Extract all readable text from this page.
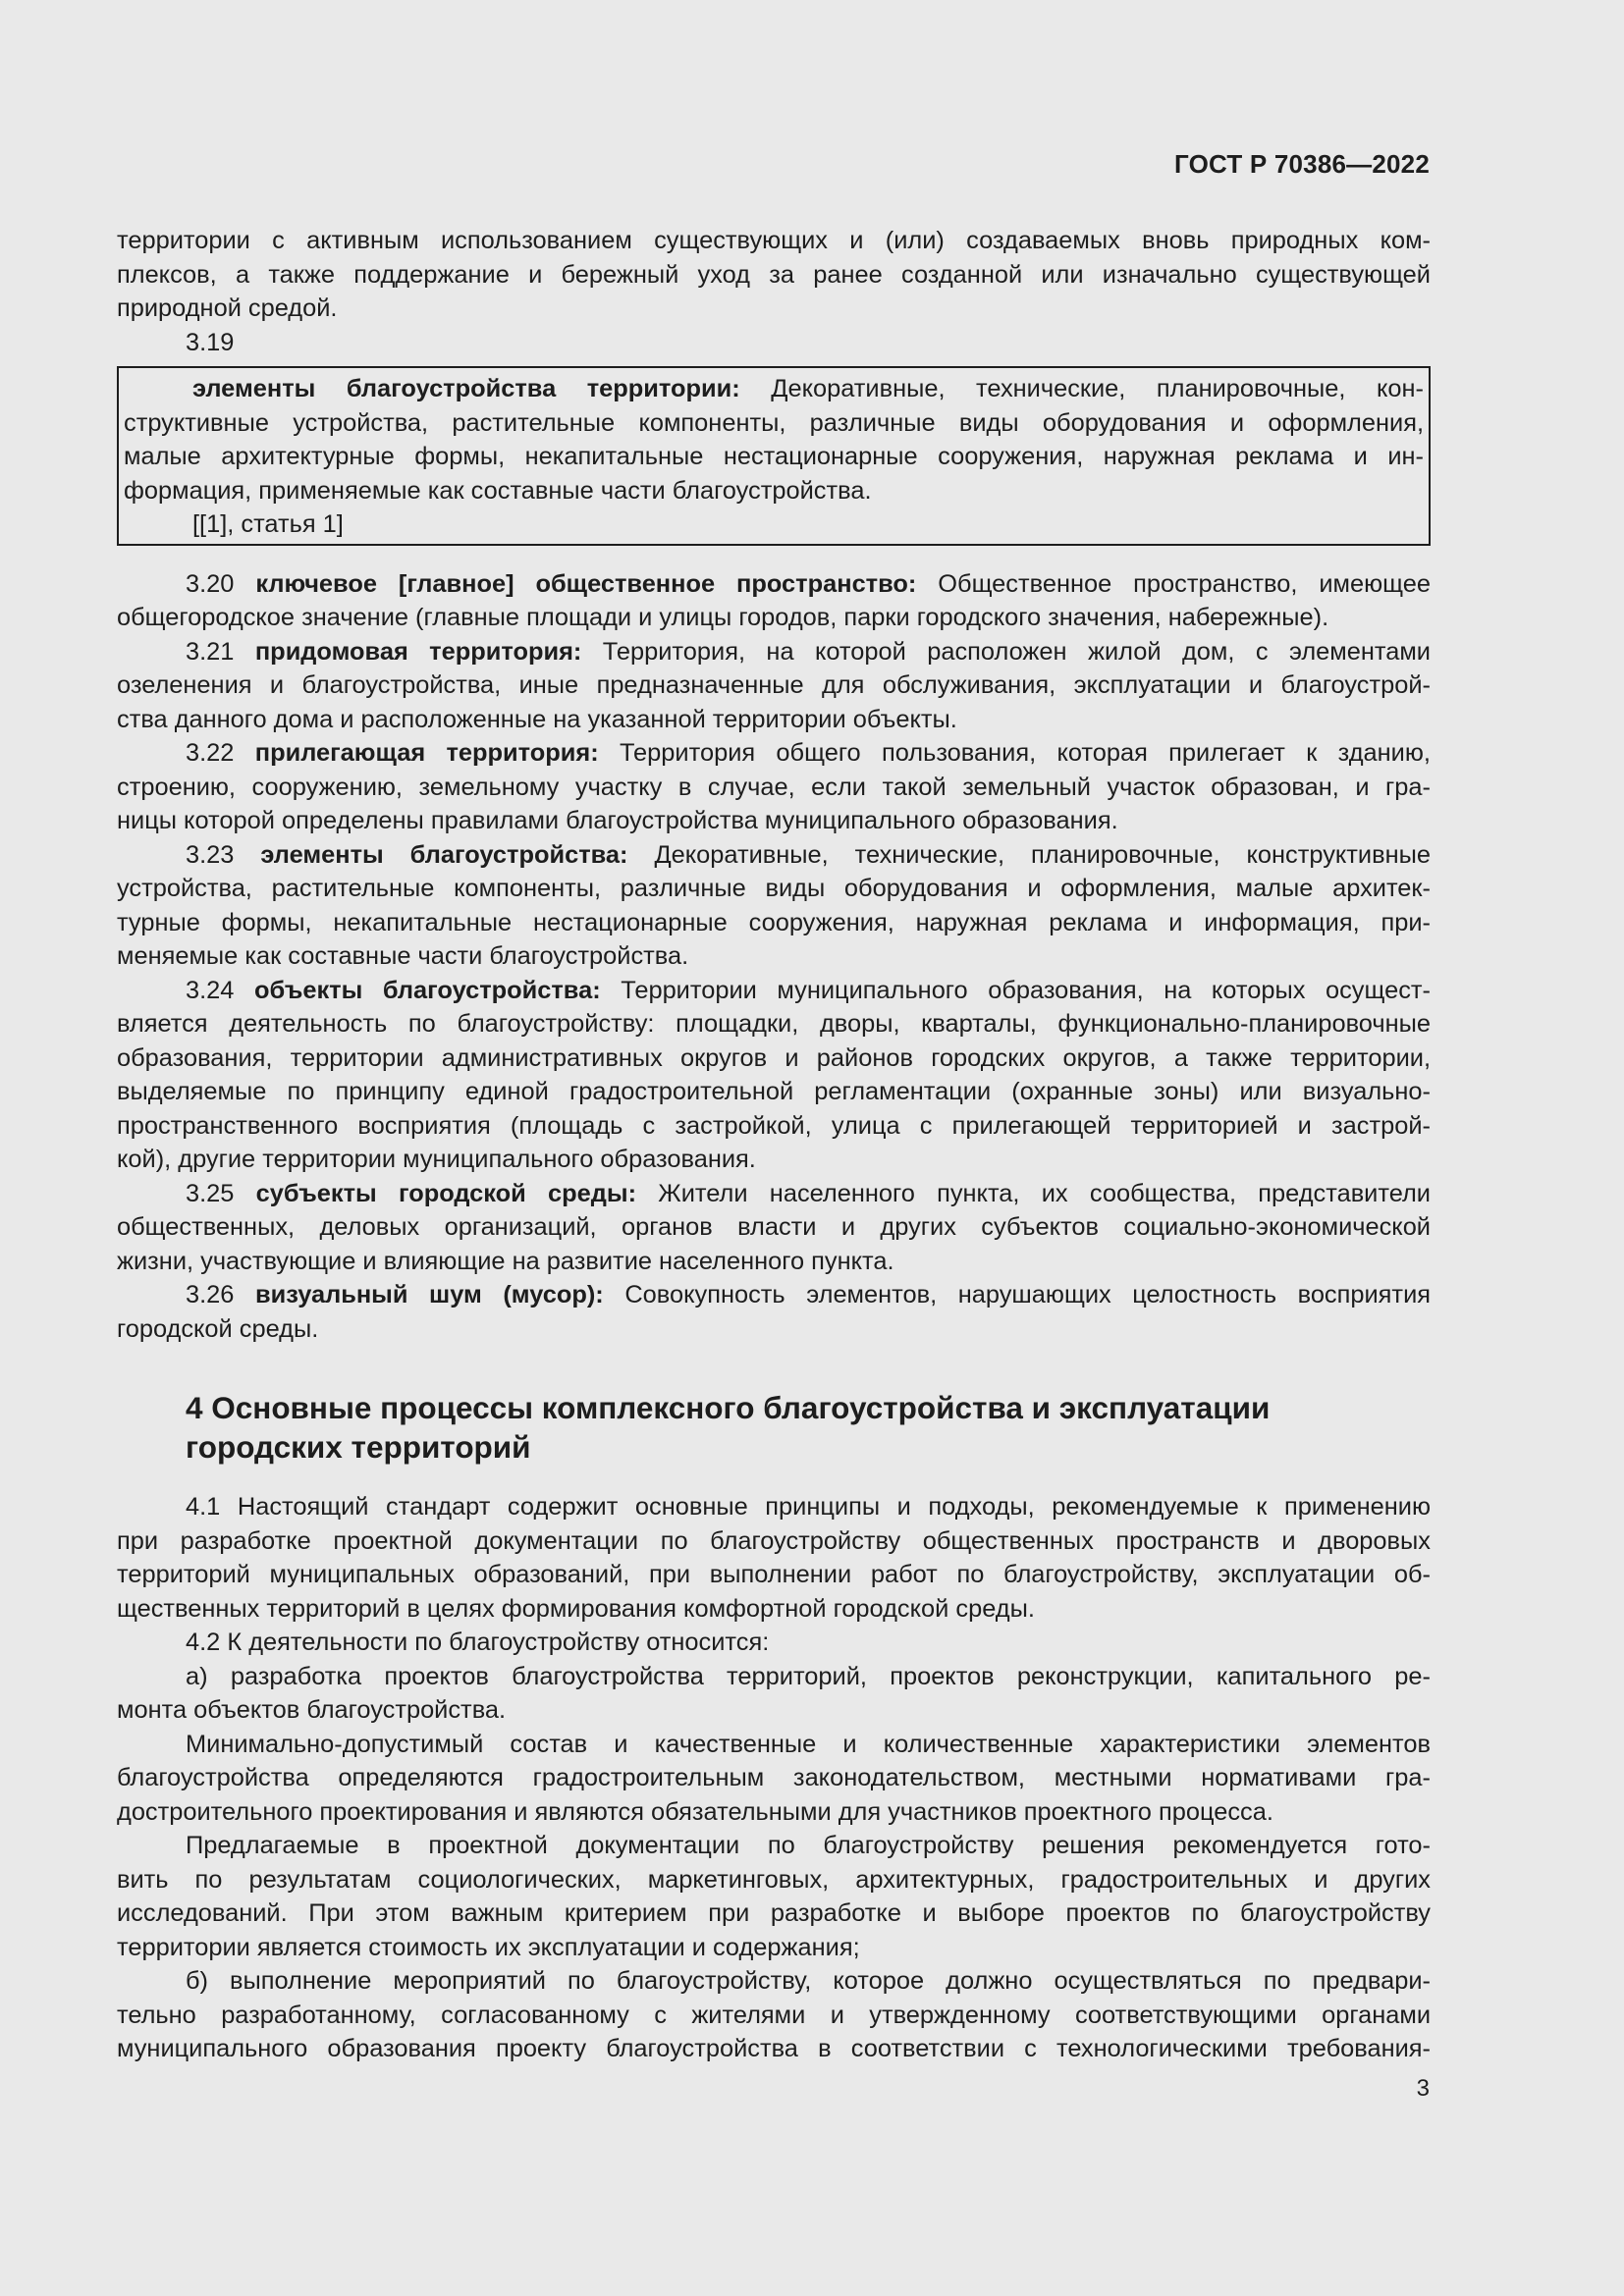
ГОСТ Р 70386—2022
территории с активным использованием существующих и (или) создаваемых вновь природных ком-
плексов, а также поддержание и бережный уход за ранее созданной или изначально существующей
природной средой.
3.19
элементы благоустройства территории: Декоративные, технические, планировочные, кон-
структивные устройства, растительные компоненты, различные виды оборудования и оформления,
малые архитектурные формы, некапитальные нестационарные сооружения, наружная реклама и ин-
формация, применяемые как составные части благоустройства.
[[1], статья 1]
3.20 ключевое [главное] общественное пространство: Общественное пространство, имеющее
общегородское значение (главные площади и улицы городов, парки городского значения, набережные).
3.21 придомовая территория: Территория, на которой расположен жилой дом, с элементами
озеленения и благоустройства, иные предназначенные для обслуживания, эксплуатации и благоустрой-
ства данного дома и расположенные на указанной территории объекты.
3.22 прилегающая территория: Территория общего пользования, которая прилегает к зданию,
строению, сооружению, земельному участку в случае, если такой земельный участок образован, и гра-
ницы которой определены правилами благоустройства муниципального образования.
3.23 элементы благоустройства: Декоративные, технические, планировочные, конструктивные
устройства, растительные компоненты, различные виды оборудования и оформления, малые архитек-
турные формы, некапитальные нестационарные сооружения, наружная реклама и информация, при-
меняемые как составные части благоустройства.
3.24 объекты благоустройства: Территории муниципального образования, на которых осущест-
вляется деятельность по благоустройству: площадки, дворы, кварталы, функционально-планировочные
образования, территории административных округов и районов городских округов, а также территории,
выделяемые по принципу единой градостроительной регламентации (охранные зоны) или визуально-
пространственного восприятия (площадь с застройкой, улица с прилегающей территорией и застрой-
кой), другие территории муниципального образования.
3.25 субъекты городской среды: Жители населенного пункта, их сообщества, представители
общественных, деловых организаций, органов власти и других субъектов социально-экономической
жизни, участвующие и влияющие на развитие населенного пункта.
3.26 визуальный шум (мусор): Совокупность элементов, нарушающих целостность восприятия
городской среды.
4 Основные процессы комплексного благоустройства и эксплуатации
городских территорий
4.1 Настоящий стандарт содержит основные принципы и подходы, рекомендуемые к применению
при разработке проектной документации по благоустройству общественных пространств и дворовых
территорий муниципальных образований, при выполнении работ по благоустройству, эксплуатации об-
щественных территорий в целях формирования комфортной городской среды.
4.2 К деятельности по благоустройству относится:
а) разработка проектов благоустройства территорий, проектов реконструкции, капитального ре-
монта объектов благоустройства.
Минимально-допустимый состав и качественные и количественные характеристики элементов
благоустройства определяются градостроительным законодательством, местными нормативами гра-
достроительного проектирования и являются обязательными для участников проектного процесса.
Предлагаемые в проектной документации по благоустройству решения рекомендуется гото-
вить по результатам социологических, маркетинговых, архитектурных, градостроительных и других
исследований. При этом важным критерием при разработке и выборе проектов по благоустройству
территории является стоимость их эксплуатации и содержания;
б) выполнение мероприятий по благоустройству, которое должно осуществляться по предвари-
тельно разработанному, согласованному с жителями и утвержденному соответствующими органами
муниципального образования проекту благоустройства в соответствии с технологическими требования-
3
